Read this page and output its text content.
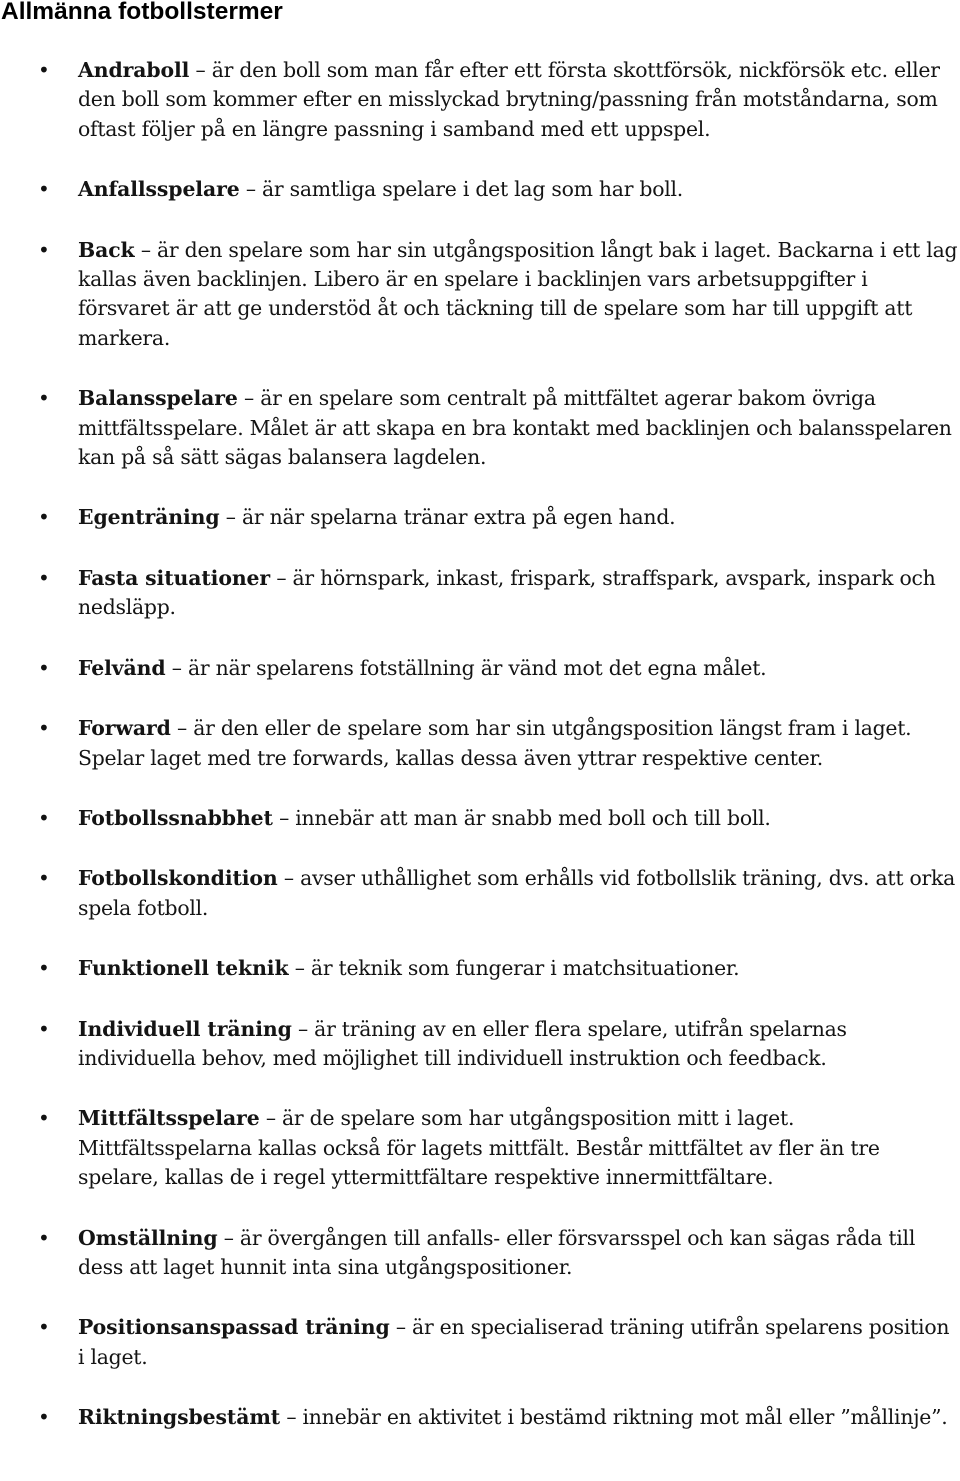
Allmänna fotbollstermer
• Andraboll – är den boll som man får efter ett första skottförsök, nickförsök etc. eller den boll som kommer efter en misslyckad brytning/passning från motståndarna, som oftast följer på en längre passning i samband med ett uppspel.
• Anfallsspelare – är samtliga spelare i det lag som har boll.
• Back – är den spelare som har sin utgångsposition långt bak i laget. Backarna i ett lag kallas även backlinjen. Libero är en spelare i backlinjen vars arbetsuppgifter i försvaret är att ge understöd åt och täckning till de spelare som har till uppgift att markera.
• Balansspelare – är en spelare som centralt på mittfältet agerar bakom övriga mittfältsspelare. Målet är att skapa en bra kontakt med backlinjen och balansspelaren kan på så sätt sägas balansera lagdelen.
• Egenträning – är när spelarna tränar extra på egen hand.
• Fasta situationer – är hörnspark, inkast, frispark, straffspark, avspark, inspark och nedsläpp.
• Felvänd – är när spelarens fotställning är vänd mot det egna målet.
• Forward – är den eller de spelare som har sin utgångsposition längst fram i laget. Spelar laget med tre forwards, kallas dessa även yttrar respektive center.
• Fotbollssnabbhet – innebär att man är snabb med boll och till boll.
• Fotbollskondition – avser uthållighet som erhålls vid fotbollslik träning, dvs. att orka spela fotboll.
• Funktionell teknik – är teknik som fungerar i matchsituationer.
• Individuell träning – är träning av en eller flera spelare, utifrån spelarnas individuella behov, med möjlighet till individuell instruktion och feedback.
• Mittfältsspelare – är de spelare som har utgångsposition mitt i laget. Mittfältsspelarna kallas också för lagets mittfält. Består mittfältet av fler än tre spelare, kallas de i regel yttermittfältare respektive innermittfältare.
• Omställning – är övergången till anfalls- eller försvarsspel och kan sägas råda till dess att laget hunnit inta sina utgångspositioner.
• Positionsanspassad träning – är en specialiserad träning utifrån spelarens position i laget.
• Riktningsbestämt – innebär en aktivitet i bestämd riktning mot mål eller ”mållinje”.
